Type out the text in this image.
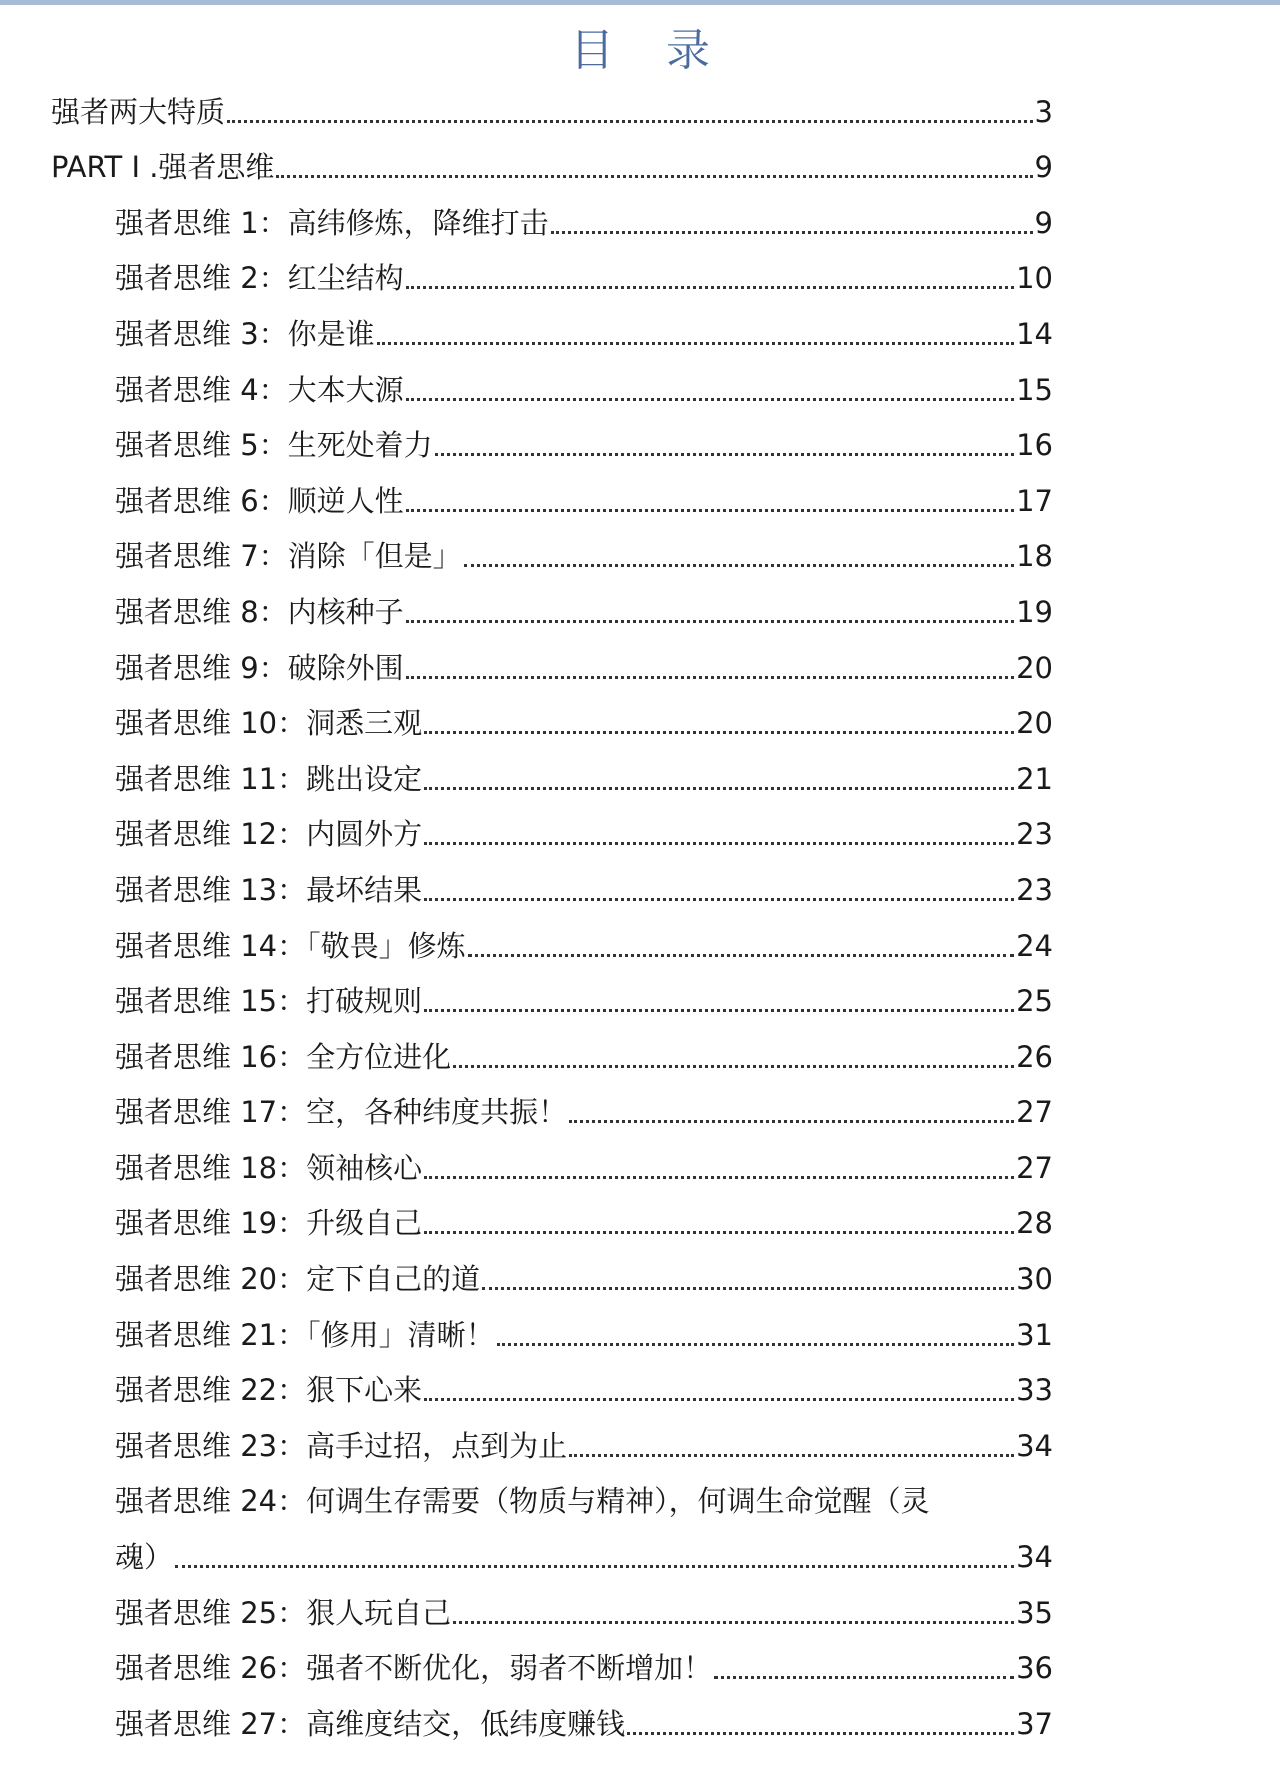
目 录
强者两大特质	3
PART I .强者思维	9
强者思维 1：高纬修炼，降维打击	9
强者思维 2：红尘结构	10
强者思维 3：你是谁	14
强者思维 4：大本大源	15
强者思维 5：生死处着力	16
强者思维 6：顺逆人性	17
强者思维 7：消除「但是」	18
强者思维 8：内核种子	19
强者思维 9：破除外围	20
强者思维 10：洞悉三观	20
强者思维 11：跳出设定	21
强者思维 12：内圆外方	23
强者思维 13：最坏结果	23
强者思维 14：「敬畏」修炼	24
强者思维 15：打破规则	25
强者思维 16：全方位进化	26
强者思维 17：空，各种纬度共振！	27
强者思维 18：领袖核心	27
强者思维 19：升级自己	28
强者思维 20：定下自己的道	30
强者思维 21：「修用」清晰！	31
强者思维 22：狠下心来	33
强者思维 23：高手过招，点到为止	34
强者思维 24：何调生存需要（物质与精神），何调生命觉醒（灵
魂）	34
强者思维 25：狠人玩自己	35
强者思维 26：强者不断优化，弱者不断增加！	36
强者思维 27：高维度结交，低纬度赚钱	37
